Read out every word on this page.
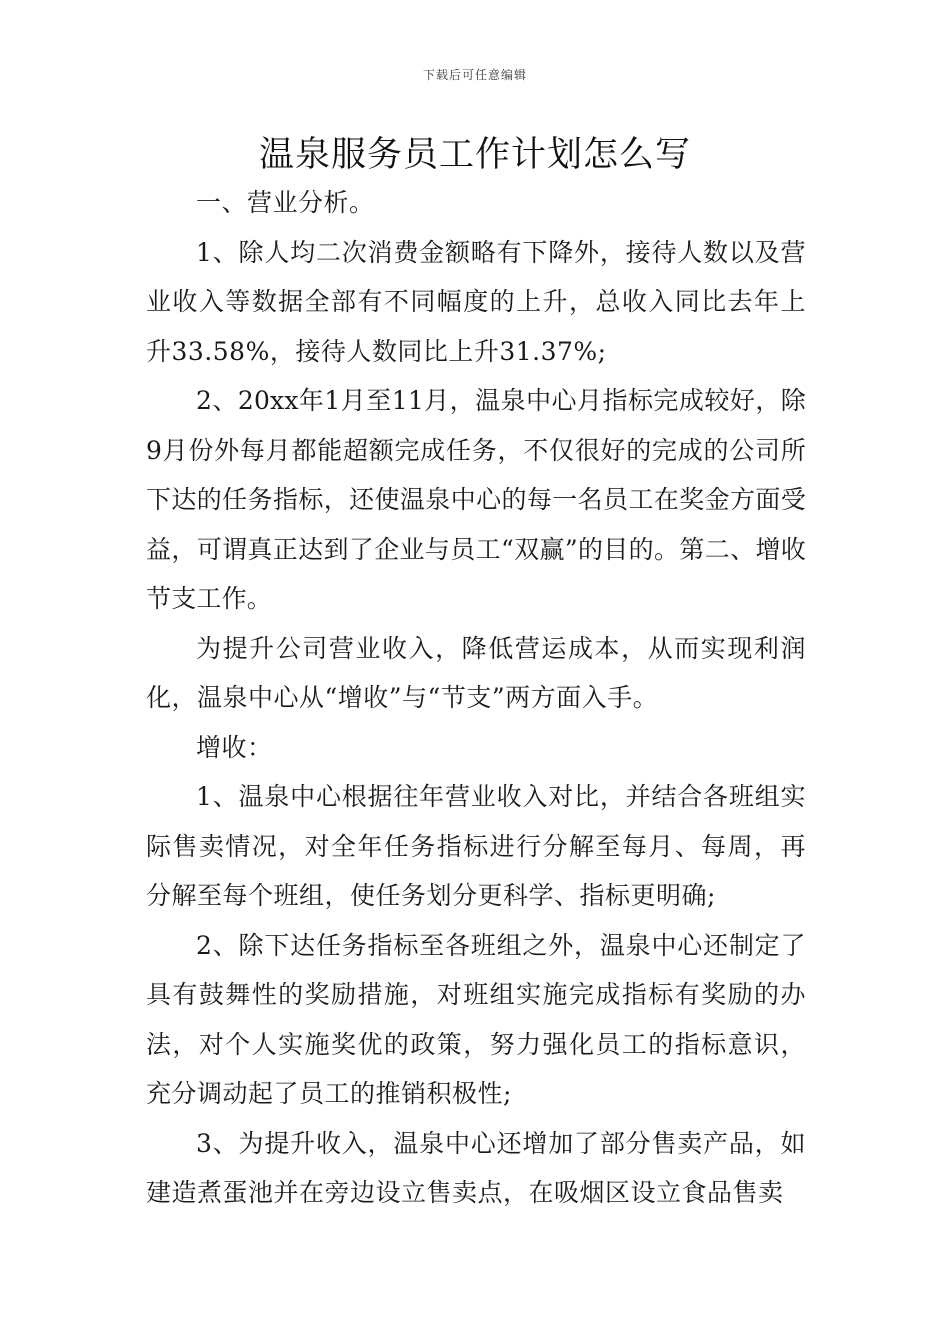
下载后可任意编辑
温泉服务员工作计划怎么写

一、营业分析。

1、除人均二次消费金额略有下降外，接待人数以及营业收入等数据全部有不同幅度的上升，总收入同比去年上升33.58%，接待人数同比上升31.37%;

2、20xx年1月至11月，温泉中心月指标完成较好，除9月份外每月都能超额完成任务，不仅很好的完成的公司所下达的任务指标，还使温泉中心的每一名员工在奖金方面受益，可谓真正达到了企业与员工“双赢”的目的。第二、增收节支工作。

为提升公司营业收入，降低营运成本，从而实现利润化，温泉中心从“增收”与“节支”两方面入手。

增收：

1、温泉中心根据往年营业收入对比，并结合各班组实际售卖情况，对全年任务指标进行分解至每月、每周，再分解至每个班组，使任务划分更科学、指标更明确;

2、除下达任务指标至各班组之外，温泉中心还制定了具有鼓舞性的奖励措施，对班组实施完成指标有奖励的办法，对个人实施奖优的政策，努力强化员工的指标意识，充分调动起了员工的推销积极性;

3、为提升收入，温泉中心还增加了部分售卖产品，如建造煮蛋池并在旁边设立售卖点，在吸烟区设立食品售卖
